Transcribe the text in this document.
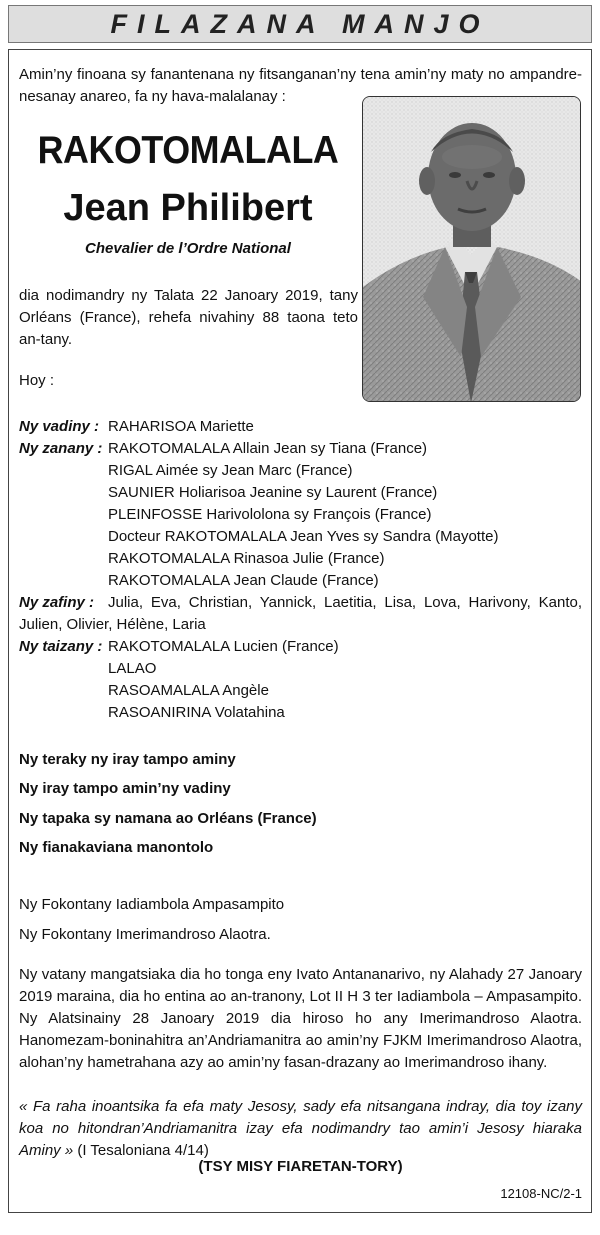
FILAZANA MANJO
Amin’ny finoana sy fanantenana ny fitsanganan’ny tena amin’ny maty no ampandre-nesanay anareo, fa ny hava-malalanay :
RAKOTOMALALA
Jean Philibert
Chevalier de l’Ordre National
dia nodimandry ny Talata 22 Janoary 2019, tany Orléans (France), rehefa nivahiny 88 taona teto an-tany.
Hoy :
Ny vadiny : RAHARISOA Mariette
Ny zanany : RAKOTOMALALA Allain Jean sy Tiana (France)
RIGAL Aimée sy Jean Marc (France)
SAUNIER Holiarisoa Jeanine sy Laurent (France)
PLEINFOSSE Harivololona sy François (France)
Docteur RAKOTOMALALA Jean Yves sy Sandra (Mayotte)
RAKOTOMALALA Rinasoa Julie (France)
RAKOTOMALALA Jean Claude (France)
Ny zafiny : Julia, Eva, Christian, Yannick, Laetitia, Lisa, Lova, Harivony, Kanto, Julien, Olivier, Hélène, Laria
Ny taizany : RAKOTOMALALA Lucien (France)
LALAO
RASOAMALALA Angèle
RASOANIRINA Volatahina
Ny teraky ny iray tampo aminy
Ny iray tampo amin’ny vadiny
Ny tapaka sy namana ao Orléans (France)
Ny fianakaviana manontolo
Ny Fokontany Iadiambola Ampasampito
Ny Fokontany Imerimandroso Alaotra.
Ny vatany mangatsiaka dia ho tonga eny Ivato Antananarivo, ny Alahady 27 Janoary 2019 maraina, dia ho entina ao an-tranony, Lot II H 3 ter Iadiambola – Ampasampito. Ny Alatsinainy 28 Janoary 2019 dia hiroso ho any Imerimandroso Alaotra. Hanomezam-boninahitra an’Andriamanitra ao amin’ny FJKM Imerimandroso Alaotra, alohan’ny hametrahana azy ao amin’ny fasan-drazany ao Imerimandroso ihany.
« Fa raha inoantsika fa efa maty Jesosy, sady efa nitsangana indray, dia toy izany koa no hitondran’Andriamanitra izay efa nodimandry tao amin’i Jesosy hiaraka Aminy » (I Tesaloniana 4/14)
(TSY MISY FIARETAN-TORY)
12108-NC/2-1
